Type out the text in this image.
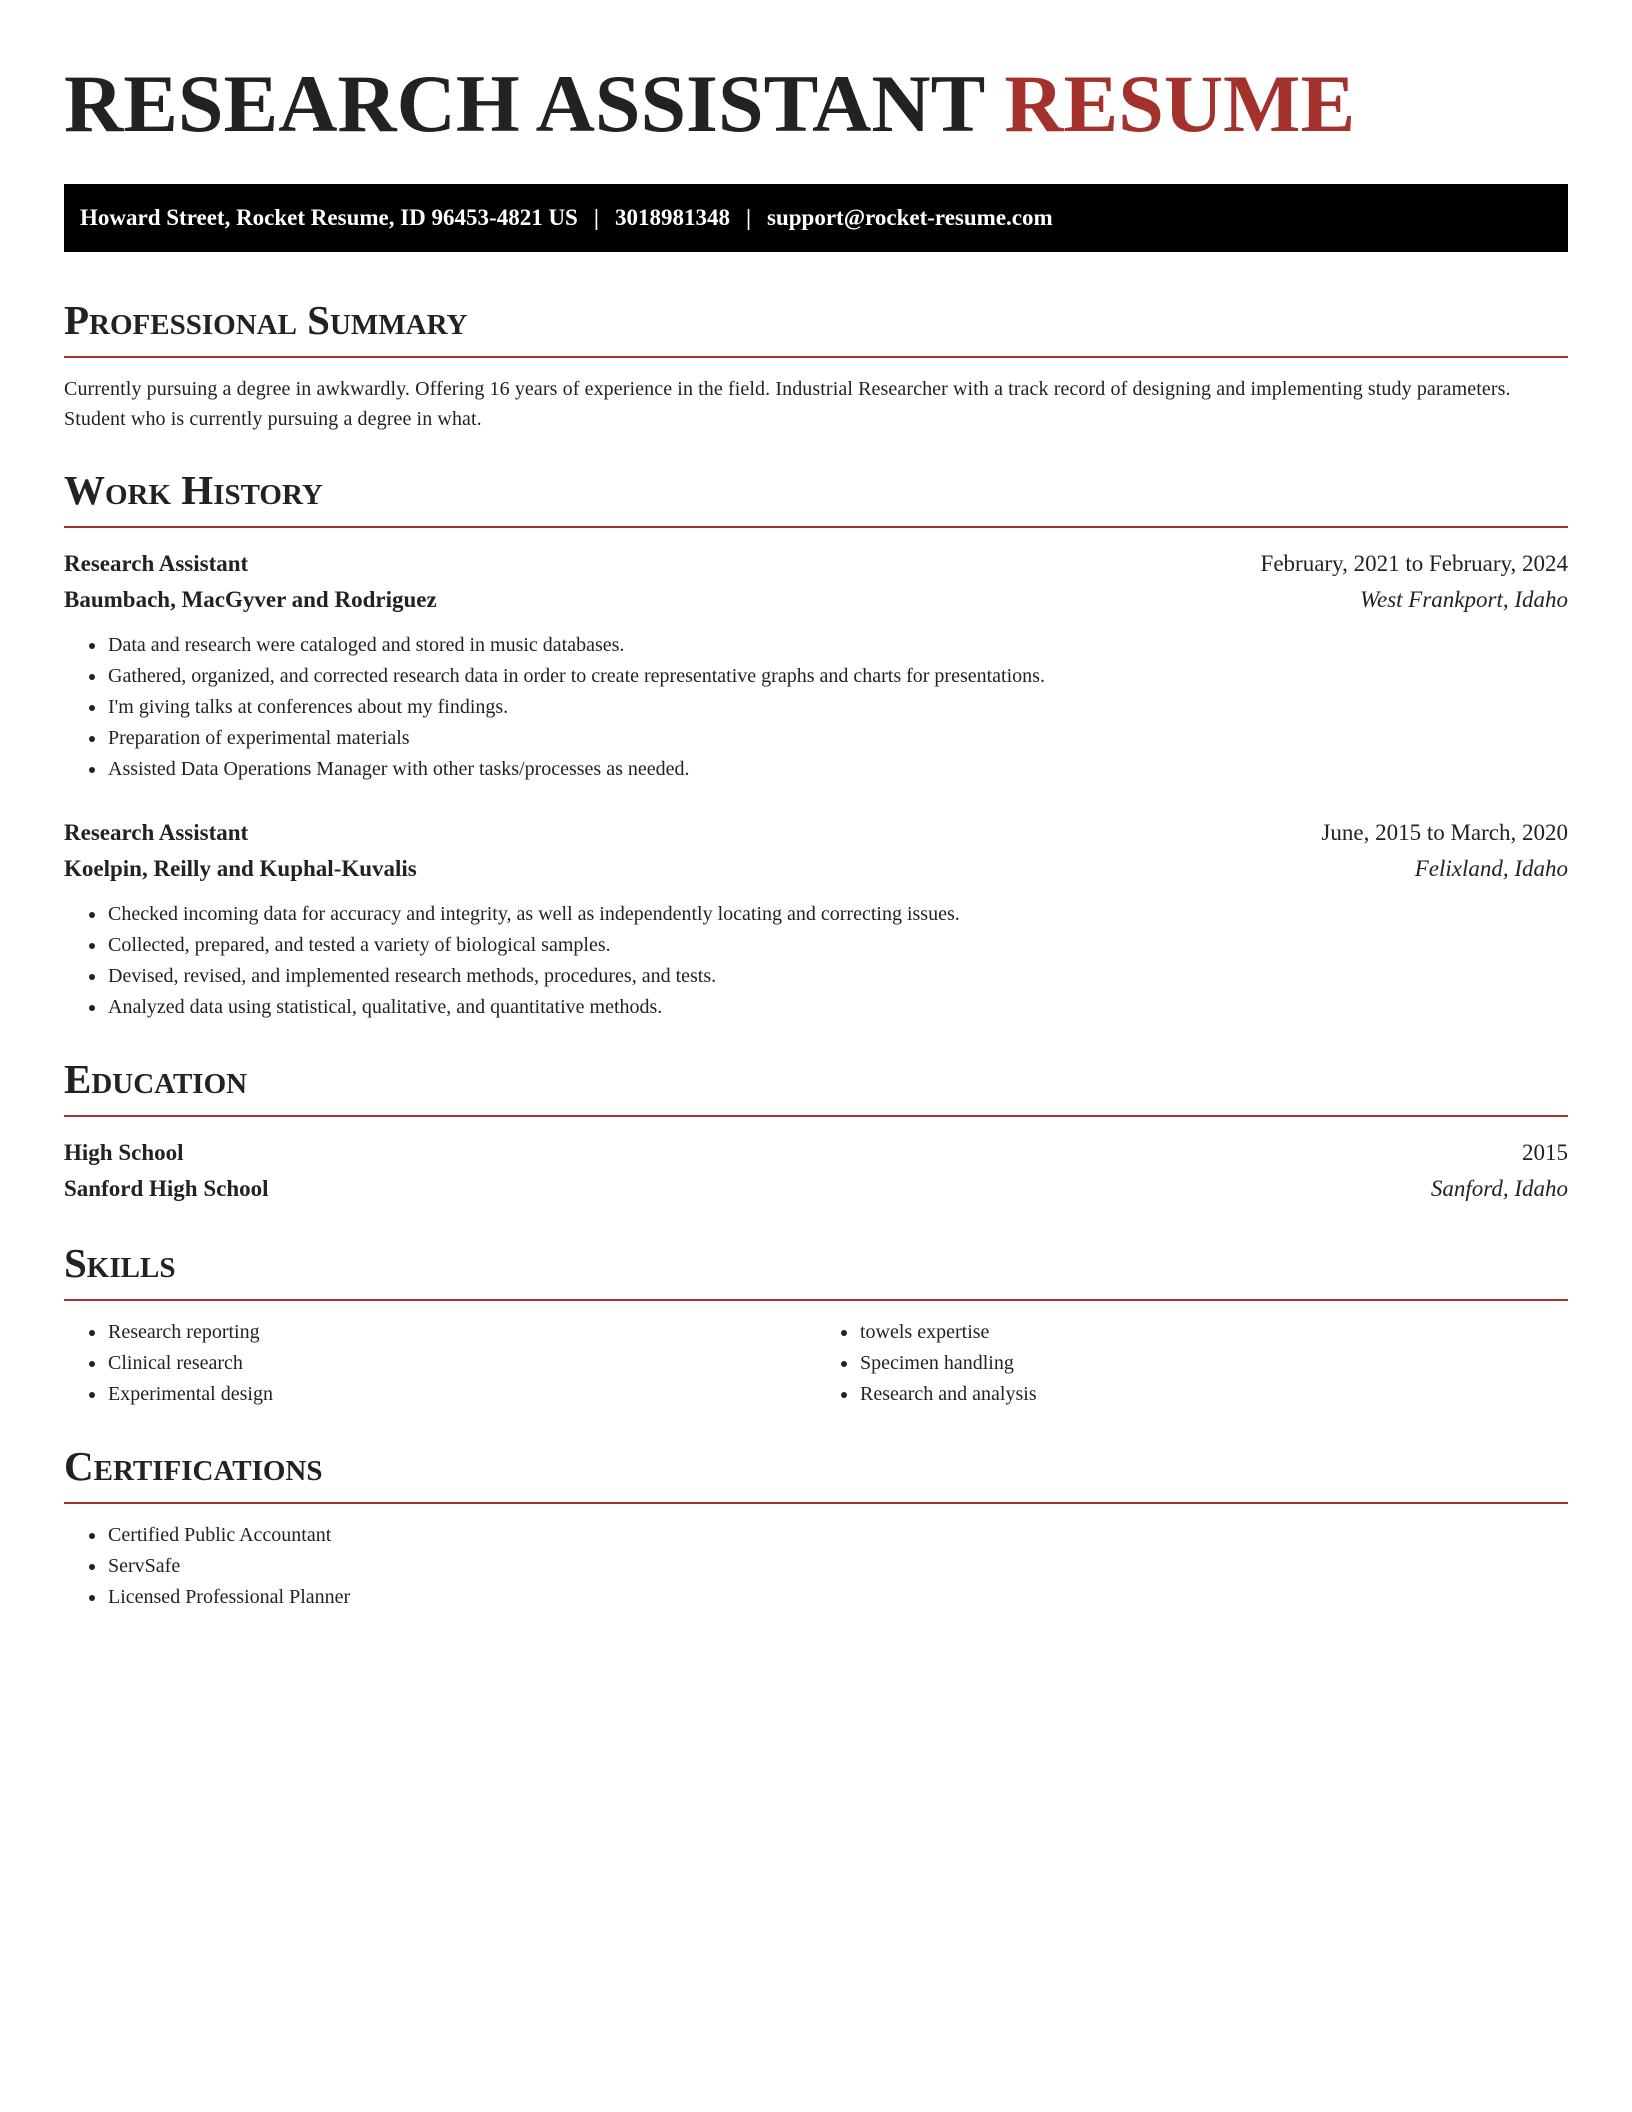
RESEARCH ASSISTANT RESUME
Howard Street, Rocket Resume, ID 96453-4821 US | 3018981348 | support@rocket-resume.com
Professional Summary

Currently pursuing a degree in awkwardly. Offering 16 years of experience in the field. Industrial Researcher with a track record of designing and implementing study parameters. Student who is currently pursuing a degree in what.

Work History
Research Assistant	February, 2021 to February, 2024
Baumbach, MacGyver and Rodriguez	West Frankport, Idaho
• Data and research were cataloged and stored in music databases.
• Gathered, organized, and corrected research data in order to create representative graphs and charts for presentations.
• I'm giving talks at conferences about my findings.
• Preparation of experimental materials
• Assisted Data Operations Manager with other tasks/processes as needed.
Research Assistant	June, 2015 to March, 2020
Koelpin, Reilly and Kuphal-Kuvalis	Felixland, Idaho
• Checked incoming data for accuracy and integrity, as well as independently locating and correcting issues.
• Collected, prepared, and tested a variety of biological samples.
• Devised, revised, and implemented research methods, procedures, and tests.
• Analyzed data using statistical, qualitative, and quantitative methods.
Education
High School	2015
Sanford High School	Sanford, Idaho
Skills
• Research reporting
• Clinical research
• Experimental design
• towels expertise
• Specimen handling
• Research and analysis
Certifications
• Certified Public Accountant
• ServSafe
• Licensed Professional Planner
